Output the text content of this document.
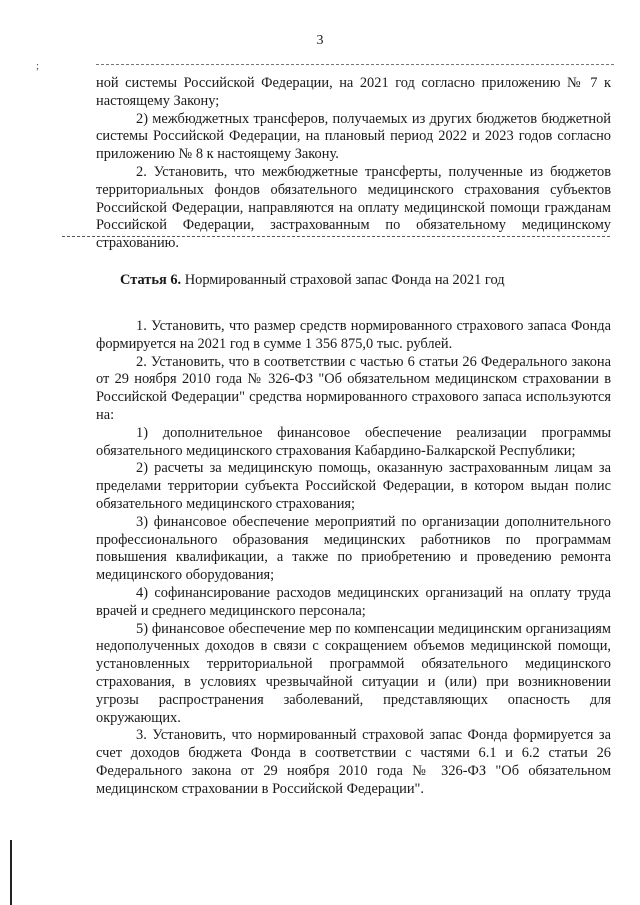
3
;

ной системы Российской Федерации, на 2021 год согласно приложению № 7 к настоящему Закону;

2) межбюджетных трансферов, получаемых из других бюджетов бюджетной системы Российской Федерации, на плановый период 2022 и 2023 годов согласно приложению № 8 к настоящему Закону.

2. Установить, что межбюджетные трансферты, полученные из бюджетов территориальных фондов обязательного медицинского страхования субъектов Российской Федерации, направляются на оплату медицинской помощи гражданам Российской Федерации, застрахованным по обязательному медицинскому страхованию.

Статья 6. Нормированный страховой запас Фонда на 2021 год

1. Установить, что размер средств нормированного страхового запаса Фонда формируется на 2021 год в сумме 1 356 875,0 тыс. рублей.

2. Установить, что в соответствии с частью 6 статьи 26 Федерального закона от 29 ноября 2010 года № 326-ФЗ "Об обязательном медицинском страховании в Российской Федерации" средства нормированного страхового запаса используются на:

1) дополнительное финансовое обеспечение реализации программы обязательного медицинского страхования Кабардино-Балкарской Республики;

2) расчеты за медицинскую помощь, оказанную застрахованным лицам за пределами территории субъекта Российской Федерации, в котором выдан полис обязательного медицинского страхования;

3) финансовое обеспечение мероприятий по организации дополнительного профессионального образования медицинских работников по программам повышения квалификации, а также по приобретению и проведению ремонта медицинского оборудования;

4) софинансирование расходов медицинских организаций на оплату труда врачей и среднего медицинского персонала;

5) финансовое обеспечение мер по компенсации медицинским организациям недополученных доходов в связи с сокращением объемов медицинской помощи, установленных территориальной программой обязательного медицинского страхования, в условиях чрезвычайной ситуации и (или) при возникновении угрозы распространения заболеваний, представляющих опасность для окружающих.

3. Установить, что нормированный страховой запас Фонда формируется за счет доходов бюджета Фонда в соответствии с частями 6.1 и 6.2 статьи 26 Федерального закона от 29 ноября 2010 года № 326-ФЗ "Об обязательном медицинском страховании в Российской Федерации".
